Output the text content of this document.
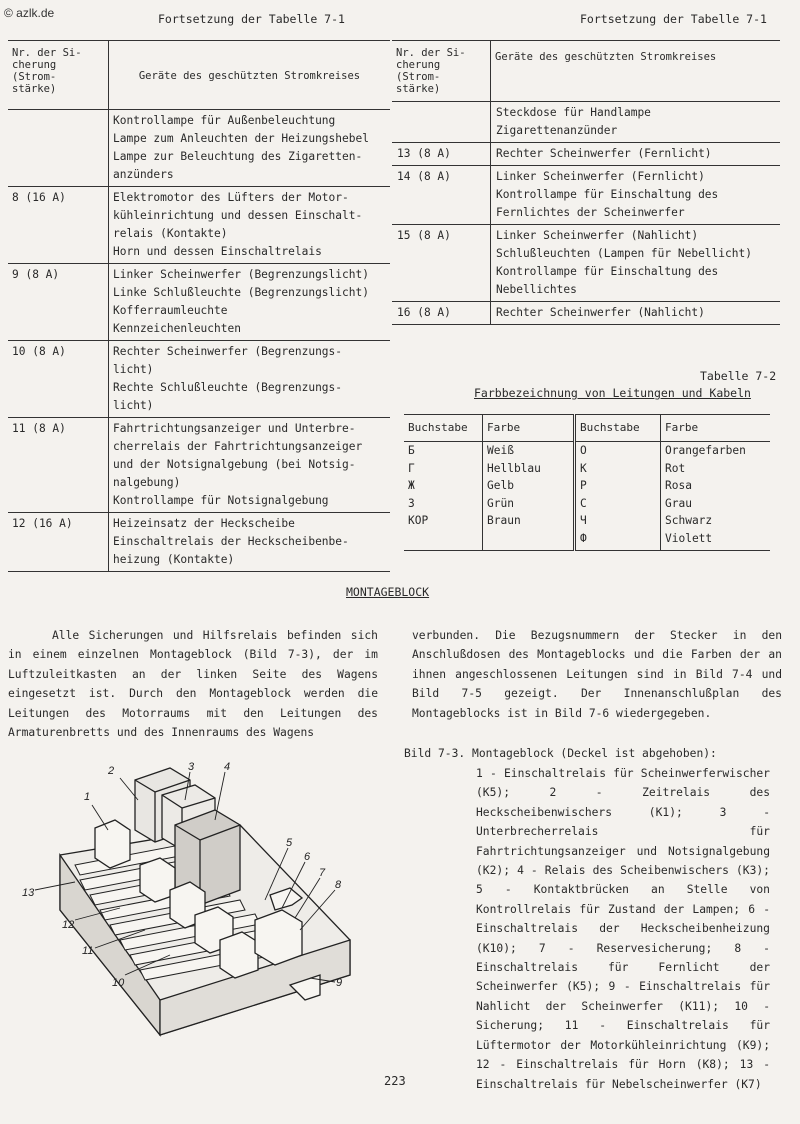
© azlk.de	Fortsetzung der Tabelle 7-1	Fortsetzung der Tabelle 7-1
Nr. der Si-
cherung
(Strom-
stärke)	Geräte des geschützten Stromkreises
	Kontrollampe für Außenbeleuchtung
Lampe zum Anleuchten der Heizungshebel
Lampe zur Beleuchtung des Zigaretten-
anzünders
8 (16 A)	Elektromotor des Lüfters der Motor-
kühleinrichtung und dessen Einschalt-
relais (Kontakte)
Horn und dessen Einschaltrelais
9 (8 A)	Linker Scheinwerfer (Begrenzungslicht)
Linke Schlußleuchte (Begrenzungslicht)
Kofferraumleuchte
Kennzeichenleuchten
10 (8 A)	Rechter Scheinwerfer (Begrenzungs-
licht)
Rechte Schlußleuchte (Begrenzungs-
licht)
11 (8 A)	Fahrtrichtungsanzeiger und Unterbre-
cherrelais der Fahrtrichtungsanzeiger
und der Notsignalgebung (bei Notsig-
nalgebung)
Kontrollampe für Notsignalgebung
12 (16 A)	Heizeinsatz der Heckscheibe
Einschaltrelais der Heckscheibenbe-
heizung (Kontakte)
Nr. der Si-
cherung
(Strom-
stärke)	Geräte des geschützten Stromkreises
	Steckdose für Handlampe
Zigarettenanzünder
13 (8 A)	Rechter Scheinwerfer (Fernlicht)
14 (8 A)	Linker Scheinwerfer (Fernlicht)
Kontrollampe für Einschaltung des
Fernlichtes der Scheinwerfer
15 (8 A)	Linker Scheinwerfer (Nahlicht)
Schlußleuchten (Lampen für Nebellicht)
Kontrollampe für Einschaltung des
Nebellichtes
16 (8 A)	Rechter Scheinwerfer (Nahlicht)
Tabelle 7-2
Farbbezeichnung von Leitungen und Kabeln
Buchstabe	Farbe	Buchstabe	Farbe
Б	Weiß	О	Orangefarben
Г	Hellblau	К	Rot
Ж	Gelb	Р	Rosa
З	Grün	С	Grau
КОР	Braun	Ч	Schwarz
		Ф	Violett
MONTAGEBLOCK
Alle Sicherungen und Hilfsrelais befinden sich in einem einzelnen Montageblock (Bild 7-3), der im Luftzuleitkasten an der linken Seite des Wagens eingesetzt ist. Durch den Montageblock werden die Leitungen des Motorraums mit den Leitungen des Armaturenbretts und des Innenraums des Wagens
verbunden. Die Bezugsnummern der Stecker in den Anschlußdosen des Montageblocks und die Farben der an ihnen angeschlossenen Leitungen sind in Bild 7-4 und Bild 7-5 gezeigt. Der Innenanschlußplan des Montageblocks ist in Bild 7-6 wiedergegeben.
1
2	3	4
5
6
7
8
9
10
11
12
13
Bild 7-3. Montageblock (Deckel ist abgehoben):
1 - Einschaltrelais für Scheinwerferwischer (К5); 2 - Zeitrelais des Heckscheibenwischers (К1); 3 - Unterbrecherrelais für Fahrtrichtungsanzeiger und Notsignalgebung (К2); 4 - Relais des Scheibenwischers (К3); 5 - Kontaktbrücken an Stelle von Kontrollrelais für Zustand der Lampen; 6 - Einschaltrelais der Heckscheibenheizung (К10); 7 - Reservesicherung; 8 - Einschaltrelais für Fernlicht der Scheinwerfer (К5); 9 - Einschaltrelais für Nahlicht der Scheinwerfer (К11); 10 - Sicherung; 11 - Einschaltrelais für Lüftermotor der Motorkühleinrichtung (К9); 12 - Einschaltrelais für Horn (К8); 13 - Einschaltrelais für Nebelscheinwerfer (К7)
223
